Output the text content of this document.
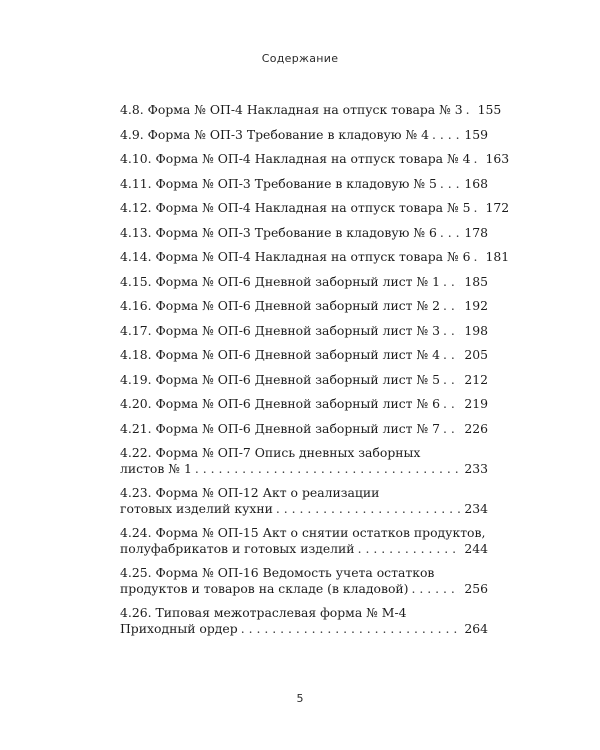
Содержание
4.8. Форма № ОП-4 Накладная на отпуск товара № 3 . . . 155
4.9. Форма № ОП-3 Требование в кладовую № 4 . . .	159
4.10. Форма № ОП-4 Накладная на отпуск товара № 4 . . . 163
4.11. Форма № ОП-3 Требование в кладовую № 5 . . . 168
4.12. Форма № ОП-4 Накладная на отпуск товара № 5 . . . 172
4.13. Форма № ОП-3 Требование в кладовую № 6 . . . 178
4.14. Форма № ОП-4 Накладная на отпуск товара № 6 . . . 181
4.15. Форма № ОП-6 Дневной заборный лист № 1 . . . 185
4.16. Форма № ОП-6 Дневной заборный лист № 2 . . . 192
4.17. Форма № ОП-6 Дневной заборный лист № 3 . . . 198
4.18. Форма № ОП-6 Дневной заборный лист № 4 . . . 205
4.19. Форма № ОП-6 Дневной заборный лист № 5 . . . 212
4.20. Форма № ОП-6 Дневной заборный лист № 6 . . . 219
4.21. Форма № ОП-6 Дневной заборный лист № 7 . . . 226
4.22. Форма № ОП-7 Опись дневных заборных
листов № 1 . . .	233
4.23. Форма № ОП-12 Акт о реализации
готовых изделий кухни . . .	234
4.24. Форма № ОП-15 Акт о снятии остатков продуктов,
полуфабрикатов и готовых изделий . . .	244
4.25. Форма № ОП-16 Ведомость учета остатков
продуктов и товаров на складе (в кладовой) . . .	256
4.26. Типовая межотраслевая форма № М-4
Приходный ордер . . .	264
5
